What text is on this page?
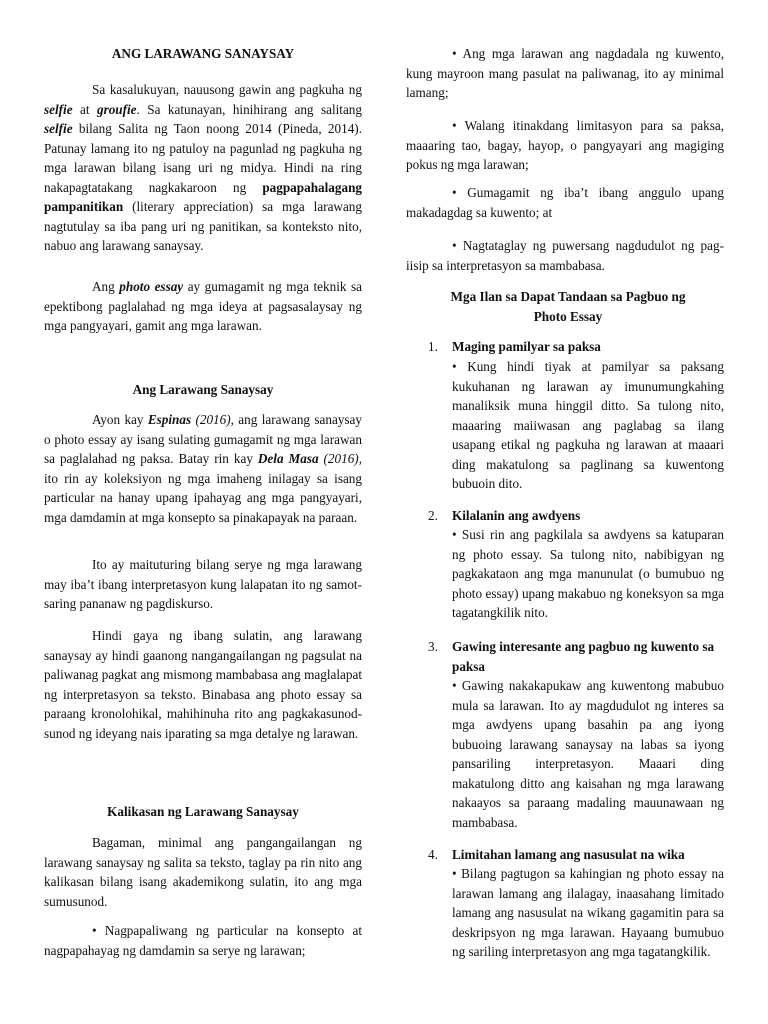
ANG LARAWANG SANAYSAY

Sa kasalukuyan, nauusong gawin ang pagkuha ng selfie at groufie. Sa katunayan, hinihirang ang salitang selfie bilang Salita ng Taon noong 2014 (Pineda, 2014). Patunay lamang ito ng patuloy na pagunlad ng pagkuha ng mga larawan bilang isang uri ng midya. Hindi na ring nakapagtatakang nagkakaroon ng pagpapahalagang pampanitikan (literary appreciation) sa mga larawang nagtutulay sa iba pang uri ng panitikan, sa konteksto nito, nabuo ang larawang sanaysay.

Ang photo essay ay gumagamit ng mga teknik sa epektibong paglalahad ng mga ideya at pagsasalaysay ng mga pangyayari, gamit ang mga larawan.

Ang Larawang Sanaysay

Ayon kay Espinas (2016), ang larawang sanaysay o photo essay ay isang sulating gumagamit ng mga larawan sa paglalahad ng paksa. Batay rin kay Dela Masa (2016), ito rin ay koleksiyon ng mga imaheng inilagay sa isang particular na hanay upang ipahayag ang mga pangyayari, mga damdamin at mga konsepto sa pinakapayak na paraan.

Ito ay maituturing bilang serye ng mga larawang may iba’t ibang interpretasyon kung lalapatan ito ng samot-saring pananaw ng pagdiskurso.

Hindi gaya ng ibang sulatin, ang larawang sanaysay ay hindi gaanong nangangailangan ng pagsulat na paliwanag pagkat ang mismong mambabasa ang maglalapat ng interpretasyon sa teksto. Binabasa ang photo essay sa paraang kronolohikal, mahihinuha rito ang pagkakasunod-sunod ng ideyang nais iparating sa mga detalye ng larawan.

Kalikasan ng Larawang Sanaysay

Bagaman, minimal ang pangangailangan ng larawang sanaysay ng salita sa teksto, taglay pa rin nito ang kalikasan bilang isang akademikong sulatin, ito ang mga sumusunod.

• Nagpapaliwang ng particular na konsepto at nagpapahayag ng damdamin sa serye ng larawan;

• Ang mga larawan ang nagdadala ng kuwento, kung mayroon mang pasulat na paliwanag, ito ay minimal lamang;

• Walang itinakdang limitasyon para sa paksa, maaaring tao, bagay, hayop, o pangyayari ang magiging pokus ng mga larawan;

• Gumagamit ng iba’t ibang anggulo upang makadagdag sa kuwento; at

• Nagtataglay ng puwersang nagdudulot ng pag-iisip sa interpretasyon sa mambabasa.

Mga Ilan sa Dapat Tandaan sa Pagbuo ng Photo Essay
1.	Maging pamilyar sa paksa
• Kung hindi tiyak at pamilyar sa paksang kukuhanan ng larawan ay imunumungkahing manaliksik muna hinggil ditto. Sa tulong nito, maaaring maiiwasan ang paglabag sa ilang usapang etikal ng pagkuha ng larawan at maaari ding makatulong sa paglinang sa kuwentong bubuoin dito.
2.	Kilalanin ang awdyens
• Susi rin ang pagkilala sa awdyens sa katuparan ng photo essay. Sa tulong nito, nabibigyan ng pagkakataon ang mga manunulat (o bumubuo ng photo essay) upang makabuo ng koneksyon sa mga tagatangkilik nito.
3.	Gawing interesante ang pagbuo ng kuwento sa paksa
• Gawing nakakapukaw ang kuwentong mabubuo mula sa larawan. Ito ay magdudulot ng interes sa mga awdyens upang basahin pa ang iyong bubuoing larawang sanaysay na labas sa iyong pansariling interpretasyon. Maaari ding makatulong ditto ang kaisahan ng mga larawang nakaayos sa paraang madaling mauunawaan ng mambabasa.
4.	Limitahan lamang ang nasusulat na wika
• Bilang pagtugon sa kahingian ng photo essay na larawan lamang ang ilalagay, inaasahang limitado lamang ang nasusulat na wikang gagamitin para sa deskripsyon ng mga larawan. Hayaang bumubuo ng sariling interpretasyon ang mga tagatangkilik.
